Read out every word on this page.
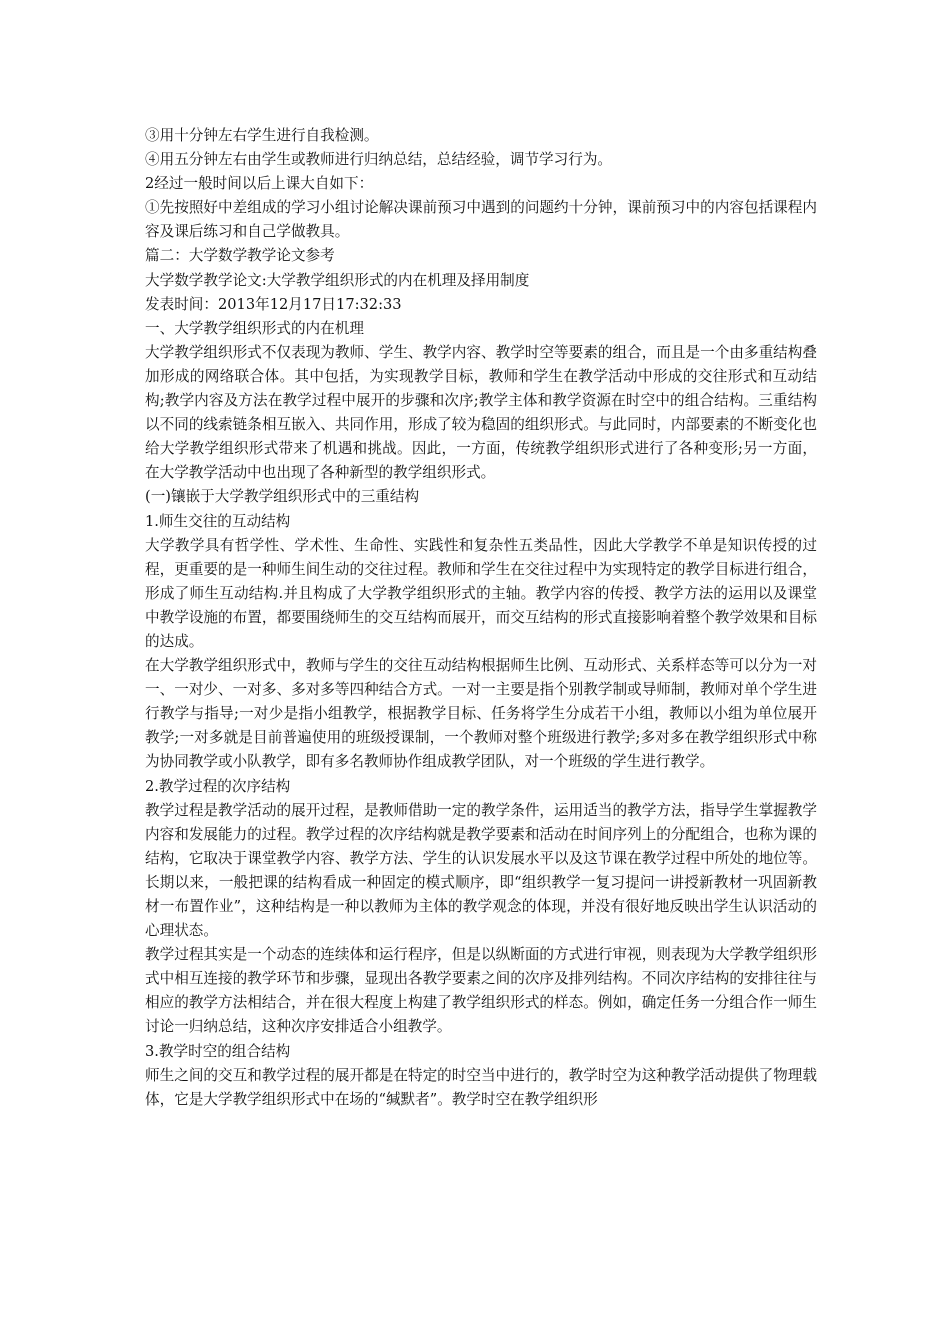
③用十分钟左右学生进行自我检测。

④用五分钟左右由学生或教师进行归纳总结，总结经验，调节学习行为。

2经过一般时间以后上课大自如下：

①先按照好中差组成的学习小组讨论解决课前预习中遇到的问题约十分钟，课前预习中的内容包括课程内容及课后练习和自己学做教具。

篇二：大学数学教学论文参考

大学数学教学论文:大学教学组织形式的内在机理及择用制度

发表时间：2013年12月17日17:32:33

一、大学教学组织形式的内在机理

大学教学组织形式不仅表现为教师、学生、教学内容、教学时空等要素的组合，而且是一个由多重结构叠加形成的网络联合体。其中包括，为实现教学目标，教师和学生在教学活动中形成的交往形式和互动结构;教学内容及方法在教学过程中展开的步骤和次序;教学主体和教学资源在时空中的组合结构。三重结构以不同的线索链条相互嵌入、共同作用，形成了较为稳固的组织形式。与此同时，内部要素的不断变化也给大学教学组织形式带来了机遇和挑战。因此，一方面，传统教学组织形式进行了各种变形;另一方面，在大学教学活动中也出现了各种新型的教学组织形式。

(一)镶嵌于大学教学组织形式中的三重结构

1.师生交往的互动结构

大学教学具有哲学性、学术性、生命性、实践性和复杂性五类品性，因此大学教学不单是知识传授的过程，更重要的是一种师生间生动的交往过程。教师和学生在交往过程中为实现特定的教学目标进行组合，形成了师生互动结构.并且构成了大学教学组织形式的主轴。教学内容的传授、教学方法的运用以及课堂中教学设施的布置，都要围绕师生的交互结构而展开，而交互结构的形式直接影响着整个教学效果和目标的达成。

在大学教学组织形式中，教师与学生的交往互动结构根据师生比例、互动形式、关系样态等可以分为一对一、一对少、一对多、多对多等四种结合方式。一对一主要是指个别教学制或导师制，教师对单个学生进行教学与指导;一对少是指小组教学，根据教学目标、任务将学生分成若干小组，教师以小组为单位展开教学;一对多就是目前普遍使用的班级授课制，一个教师对整个班级进行教学;多对多在教学组织形式中称为协同教学或小队教学，即有多名教师协作组成教学团队，对一个班级的学生进行教学。

2.教学过程的次序结构

教学过程是教学活动的展开过程，是教师借助一定的教学条件，运用适当的教学方法，指导学生掌握教学内容和发展能力的过程。教学过程的次序结构就是教学要素和活动在时间序列上的分配组合，也称为课的结构，它取决于课堂教学内容、教学方法、学生的认识发展水平以及这节课在教学过程中所处的地位等。长期以来，一般把课的结构看成一种固定的模式顺序，即“组织教学一复习提问一讲授新教材一巩固新教材一布置作业”，这种结构是一种以教师为主体的教学观念的体现，并没有很好地反映出学生认识活动的心理状态。

教学过程其实是一个动态的连续体和运行程序，但是以纵断面的方式进行审视，则表现为大学教学组织形式中相互连接的教学环节和步骤，显现出各教学要素之间的次序及排列结构。不同次序结构的安排往往与相应的教学方法相结合，并在很大程度上构建了教学组织形式的样态。例如，确定任务一分组合作一师生讨论一归纳总结，这种次序安排适合小组教学。

3.教学时空的组合结构

师生之间的交互和教学过程的展开都是在特定的时空当中进行的，教学时空为这种教学活动提供了物理载体，它是大学教学组织形式中在场的“缄默者”。教学时空在教学组织形
